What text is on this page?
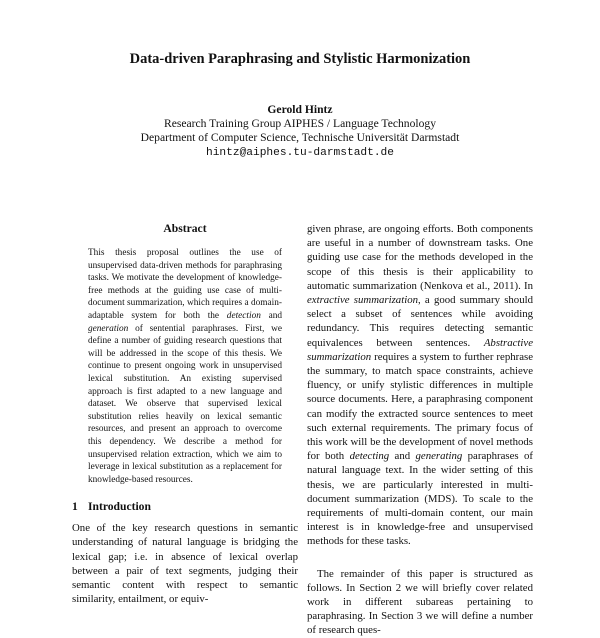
Data-driven Paraphrasing and Stylistic Harmonization
Gerold Hintz
Research Training Group AIPHES / Language Technology
Department of Computer Science, Technische Universität Darmstadt
hintz@aiphes.tu-darmstadt.de
Abstract
This thesis proposal outlines the use of unsupervised data-driven methods for paraphrasing tasks. We motivate the development of knowledge-free methods at the guiding use case of multi-document summarization, which requires a domain-adaptable system for both the detection and generation of sentential paraphrases. First, we define a number of guiding research questions that will be addressed in the scope of this thesis. We continue to present ongoing work in unsupervised lexical substitution. An existing supervised approach is first adapted to a new language and dataset. We observe that supervised lexical substitution relies heavily on lexical semantic resources, and present an approach to overcome this dependency. We describe a method for unsupervised relation extraction, which we aim to leverage in lexical substitution as a replacement for knowledge-based resources.
1 Introduction
One of the key research questions in semantic understanding of natural language is bridging the lexical gap; i.e. in absence of lexical overlap between a pair of text segments, judging their semantic content with respect to semantic similarity, entailment, or equiv-

given phrase, are ongoing efforts. Both components are useful in a number of downstream tasks. One guiding use case for the methods developed in the scope of this thesis is their applicability to automatic summarization (Nenkova et al., 2011). In extractive summarization, a good summary should select a subset of sentences while avoiding redundancy. This requires detecting semantic equivalences between sentences. Abstractive summarization requires a system to further rephrase the summary, to match space constraints, achieve fluency, or unify stylistic differences in multiple source documents. Here, a paraphrasing component can modify the extracted source sentences to meet such external requirements. The primary focus of this work will be the development of novel methods for both detecting and generating paraphrases of natural language text. In the wider setting of this thesis, we are particularly interested in multi-document summarization (MDS). To scale to the requirements of multi-domain content, our main interest is in knowledge-free and unsupervised methods for these tasks.

The remainder of this paper is structured as follows. In Section 2 we will briefly cover related work in different subareas pertaining to paraphrasing. In Section 3 we will define a number of research ques-
